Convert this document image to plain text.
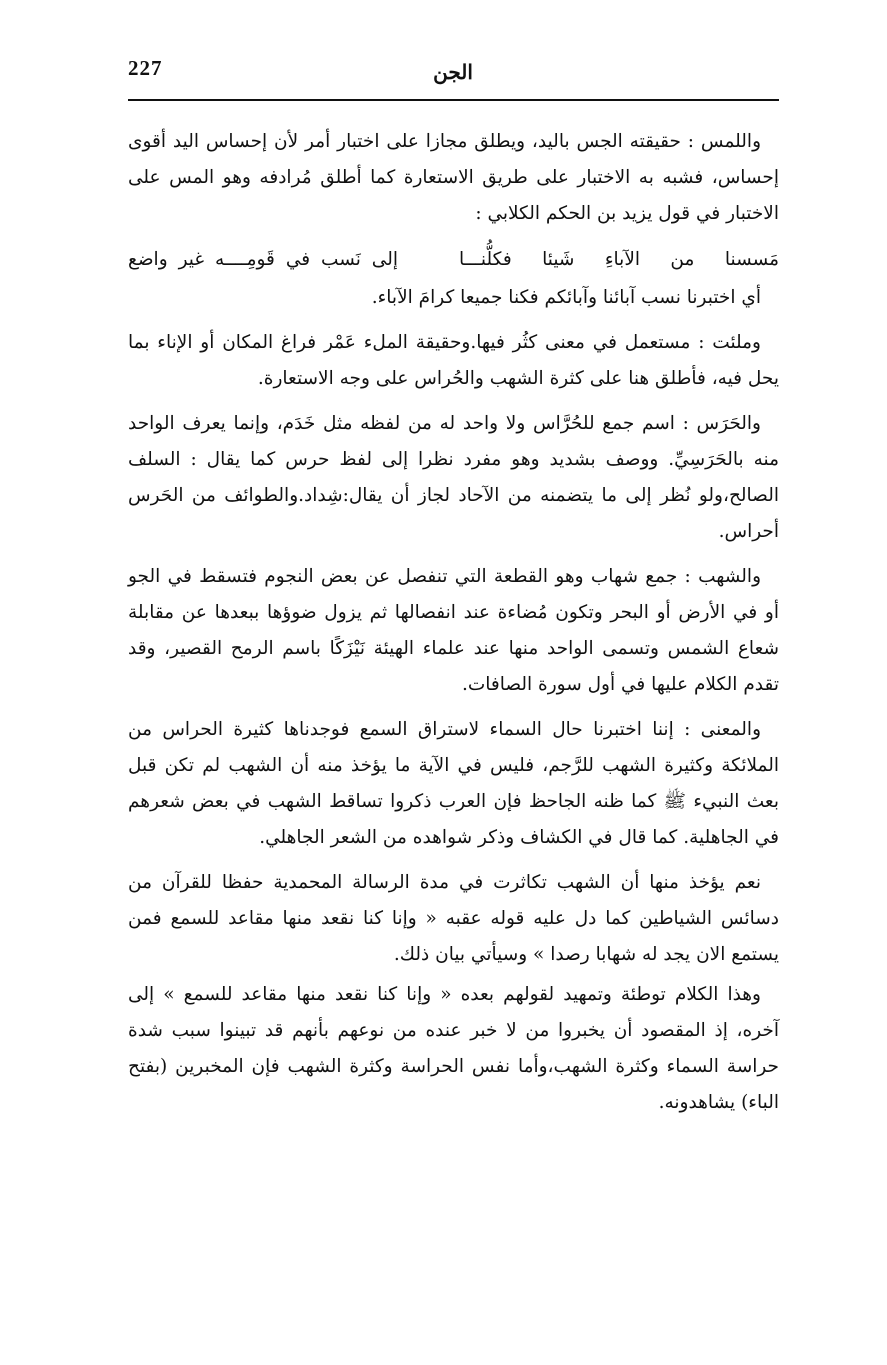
227	الجن

واللمس : حقيقته الجس باليد، ويطلق مجازا على اختبار أمر لأن إحساس اليد أقوى إحساس، فشبه به الاختبار على طريق الاستعارة كما أطلق مُرادفه وهو المس على الاختبار في قول يزيد بن الحكم الكلابي :

مَسسنا من الآباءِ شَيئا فكلُّنـــا
إلى نَسب في قَومِــــه غير واضع

أي اختبرنا نسب آبائنا وآبائكم فكنا جميعا كرامَ الآباء.

وملئت : مستعمل في معنى كثُر فيها.وحقيقة الملء عَمْر فراغ المكان أو الإناء بما يحل فيه، فأطلق هنا على كثرة الشهب والحُراس على وجه الاستعارة.

والحَرَس : اسم جمع للحُرَّاس ولا واحد له من لفظه مثل خَدَم، وإنما يعرف الواحد منه بالحَرَسِيِّ. ووصف بشديد وهو مفرد نظرا إلى لفظ حرس كما يقال : السلف الصالح،ولو نُظر إلى ما يتضمنه من الآحاد لجاز أن يقال:شِداد.والطوائف من الحَرس أحراس.

والشهب : جمع شهاب وهو القطعة التي تنفصل عن بعض النجوم فتسقط في الجو أو في الأرض أو البحر وتكون مُضاءة عند انفصالها ثم يزول ضوؤها ببعدها عن مقابلة شعاع الشمس وتسمى الواحد منها عند علماء الهيئة نَيْزَكًا باسم الرمح القصير، وقد تقدم الكلام عليها في أول سورة الصافات.

والمعنى : إننا اختبرنا حال السماء لاستراق السمع فوجدناها كثيرة الحراس من الملائكة وكثيرة الشهب للرَّجم، فليس في الآية ما يؤخذ منه أن الشهب لم تكن قبل بعث النبيء ﷺ كما ظنه الجاحظ فإن العرب ذكروا تساقط الشهب في بعض شعرهم في الجاهلية. كما قال في الكشاف وذكر شواهده من الشعر الجاهلي.

نعم يؤخذ منها أن الشهب تكاثرت في مدة الرسالة المحمدية حفظا للقرآن من دسائس الشياطين كما دل عليه قوله عقبه « وإنا كنا نقعد منها مقاعد للسمع فمن يستمع الان يجد له شهابا رصدا » وسيأتي بيان ذلك.

وهذا الكلام توطئة وتمهيد لقولهم بعده « وإنا كنا نقعد منها مقاعد للسمع » إلى آخره، إذ المقصود أن يخبروا من لا خبر عنده من نوعهم بأنهم قد تبينوا سبب شدة حراسة السماء وكثرة الشهب،وأما نفس الحراسة وكثرة الشهب فإن المخبرين (بفتح الباء) يشاهدونه.
